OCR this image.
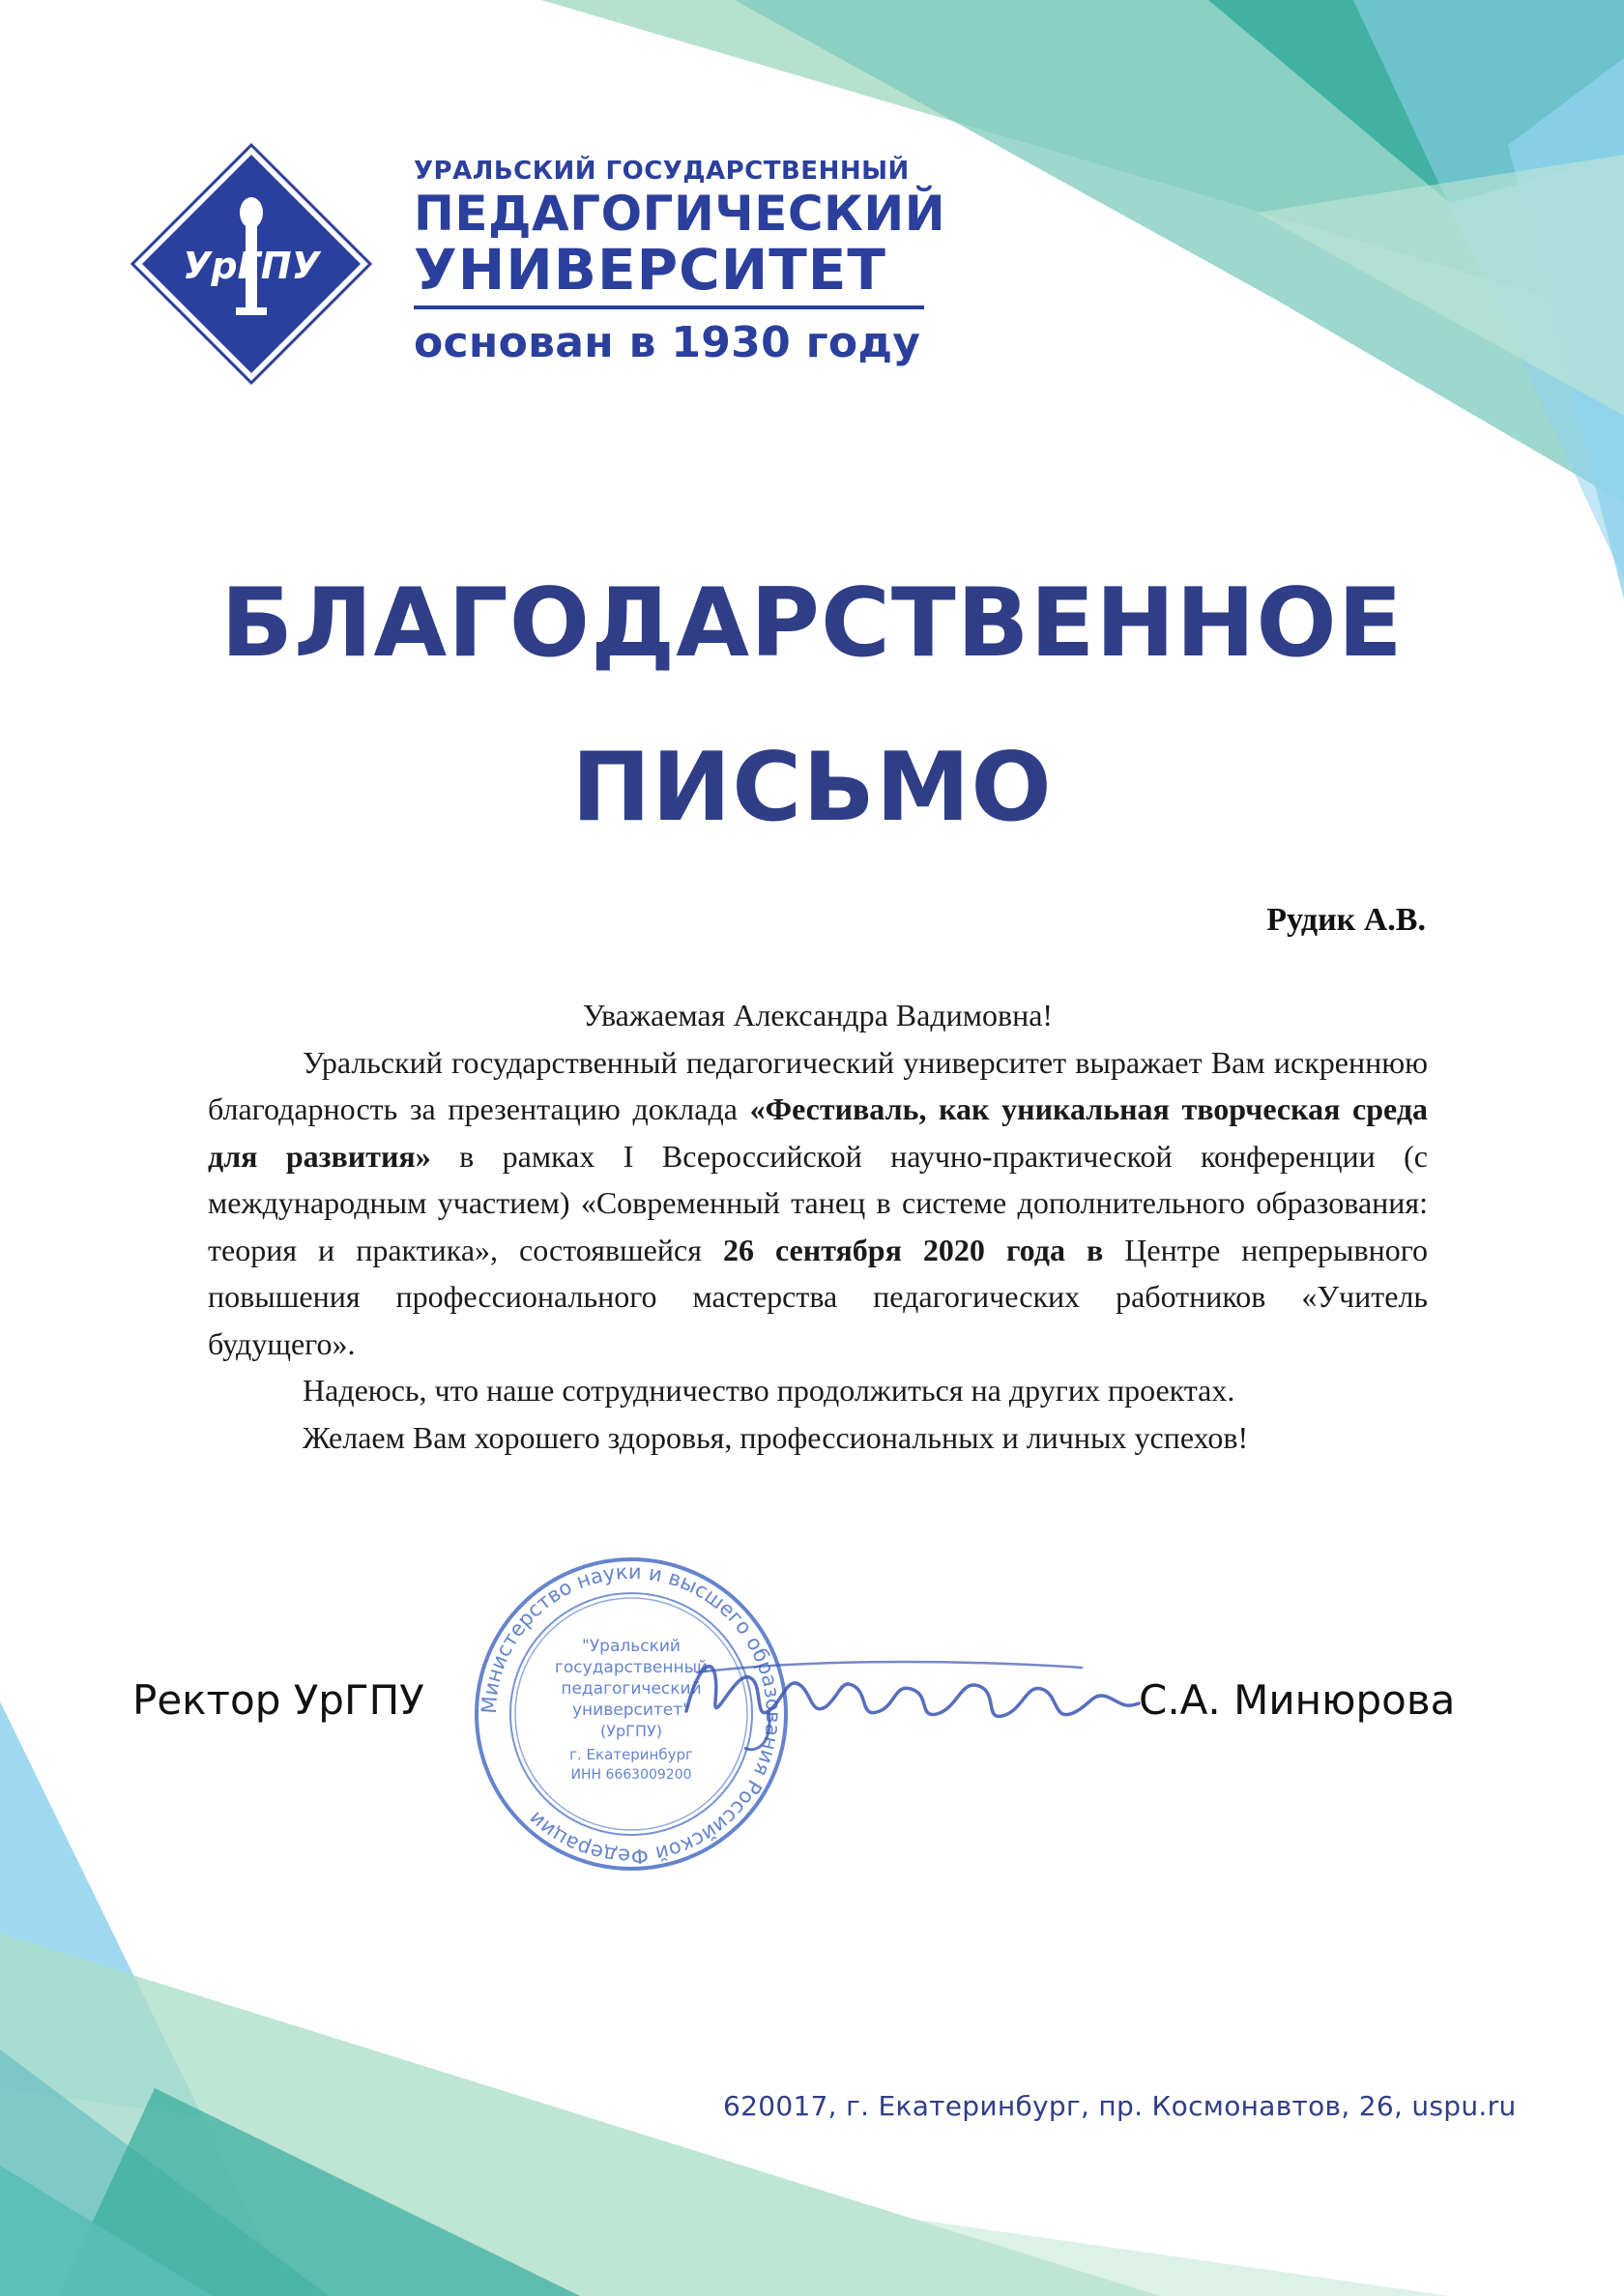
УрГПУ
УРАЛЬСКИЙ ГОСУДАРСТВЕННЫЙ
ПЕДАГОГИЧЕСКИЙ
УНИВЕРСИТЕТ
основан в 1930 году
БЛАГОДАРСТВЕННОЕ
ПИСЬМО
Рудик А.В.

Уважаемая Александра Вадимовна!

Уральский государственный педагогический университет выражает Вам искреннюю благодарность за презентацию доклада «Фестиваль, как уникальная творческая среда для развития» в рамках I Всероссийской научно-практической конференции (с международным участием) «Современный танец в системе дополнительного образования: теория и практика», состоявшейся 26 сентября 2020 года в Центре непрерывного повышения профессионального мастерства педагогических работников «Учитель будущего».

Надеюсь, что наше сотрудничество продолжиться на других проектах.

Желаем Вам хорошего здоровья, профессиональных и личных успехов!

Министерство науки и высшего образования Российской Федерации
"Уральский
государственный
педагогический
университет"
(УрГПУ)
г. Екатеринбург
ИНН 6663009200
Ректор УрГПУ	С.А. Минюрова
620017, г. Екатеринбург, пр. Космонавтов, 26, uspu.ru
